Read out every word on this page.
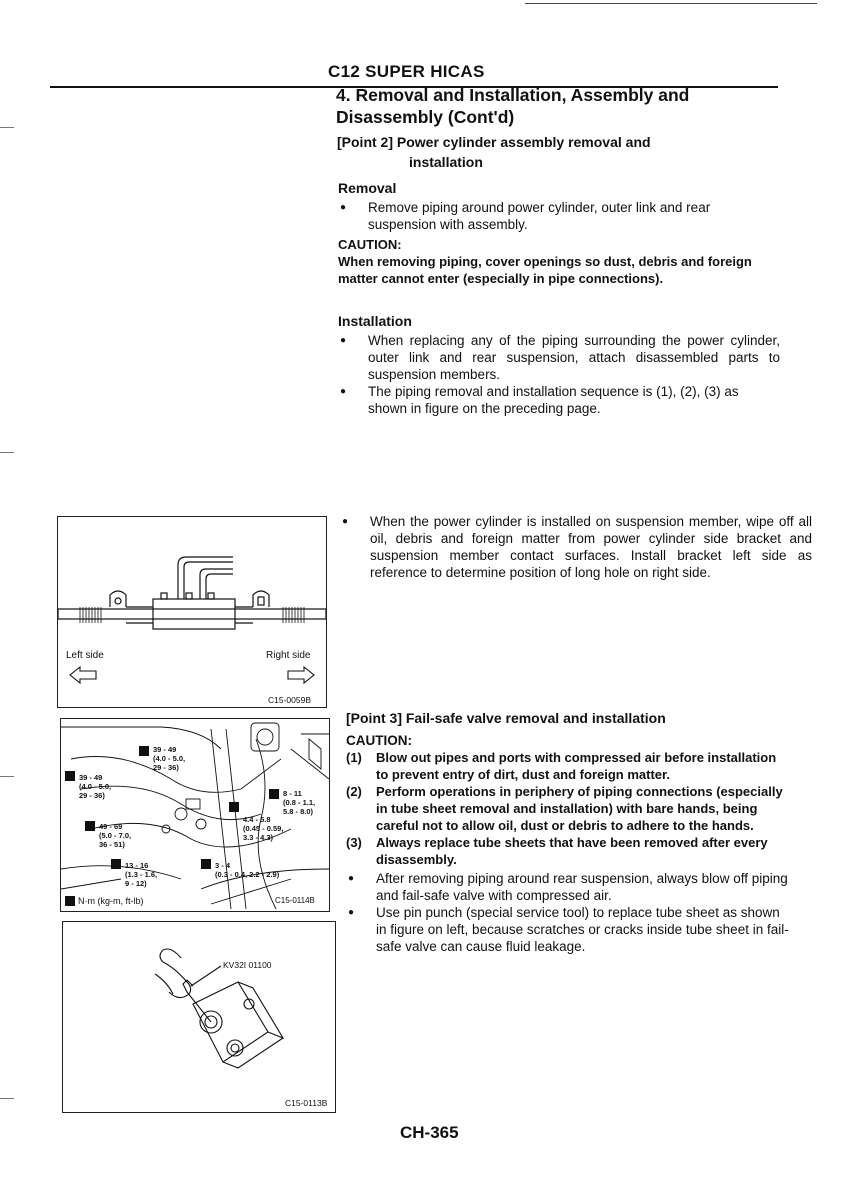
C12 SUPER HICAS
4. Removal and Installation, Assembly and
Disassembly (Cont'd)
[Point 2] Power cylinder assembly removal and
installation
Removal
● Remove piping around power cylinder, outer link and rear suspension with assembly.
CAUTION:
When removing piping, cover openings so dust, debris and foreign matter cannot enter (especially in pipe connections).
Installation
● When replacing any of the piping surrounding the power cylinder, outer link and rear suspension, attach disassembled parts to suspension members.
● The piping removal and installation sequence is (1), (2), (3) as shown in figure on the preceding page.
● When the power cylinder is installed on suspension member, wipe off all oil, debris and foreign matter from power cylinder side bracket and suspension member contact surfaces. Install bracket left side as reference to determine position of long hole on right side.
Left side	Right side
C15-0059B
39 - 49
(4.0 - 5.0,
29 - 36)
39 - 49
(4.0 - 5.0,
29 - 36)
49 - 69
(5.0 - 7.0,
36 - 51)
8 - 11
(0.8 - 1.1,
5.8 - 8.0)
4.4 - 5.8
(0.45 - 0.59,
3.3 - 4.3)
13 - 16
(1.3 - 1.6,
9 - 12)
3 - 4
(0.3 - 0.4, 2.2 - 2.9)
N·m (kg-m, ft-lb)	C15-0114B
KV32I 01100
C15-0113B
[Point 3] Fail-safe valve removal and installation
CAUTION:
(1) Blow out pipes and ports with compressed air before installation to prevent entry of dirt, dust and foreign matter.
(2) Perform operations in periphery of piping connections (especially in tube sheet removal and installation) with bare hands, being careful not to allow oil, dust or debris to adhere to the hands.
(3) Always replace tube sheets that have been removed after every disassembly.
● After removing piping around rear suspension, always blow off piping and fail-safe valve with compressed air.
● Use pin punch (special service tool) to replace tube sheet as shown in figure on left, because scratches or cracks inside tube sheet in fail-safe valve can cause fluid leakage.
CH-365
